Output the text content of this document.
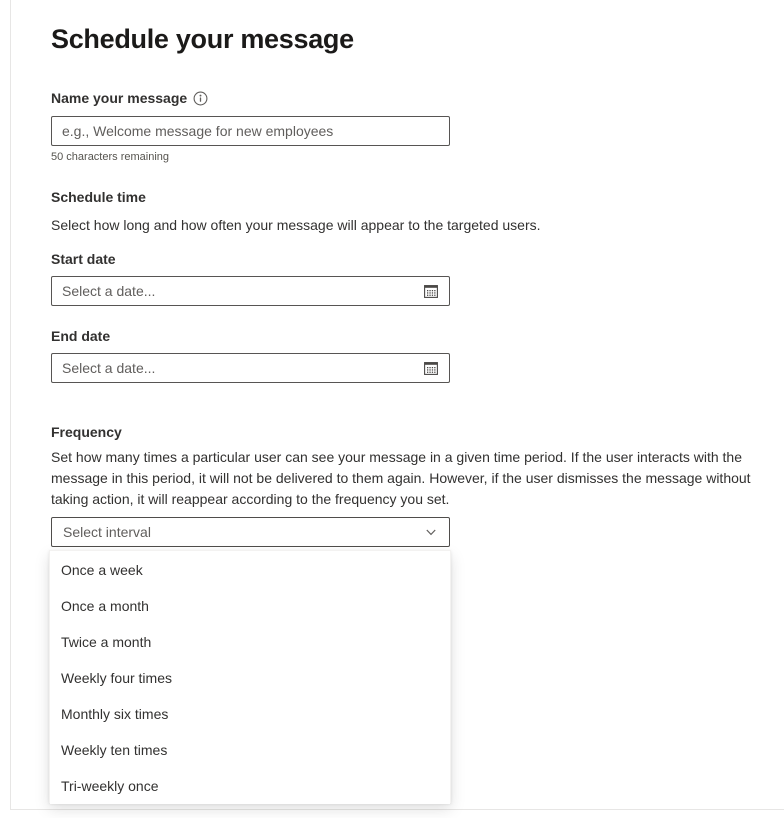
Schedule your message
Name your message
e.g., Welcome message for new employees
50 characters remaining
Schedule time
Select how long and how often your message will appear to the targeted users.
Start date
Select a date...
End date
Select a date...
Frequency
Set how many times a particular user can see your message in a given time period. If the user interacts with the message in this period, it will not be delivered to them again. However, if the user dismisses the message without taking action, it will reappear according to the frequency you set.
Select interval
Once a week
Once a month
Twice a month
Weekly four times
Monthly six times
Weekly ten times
Tri-weekly once
